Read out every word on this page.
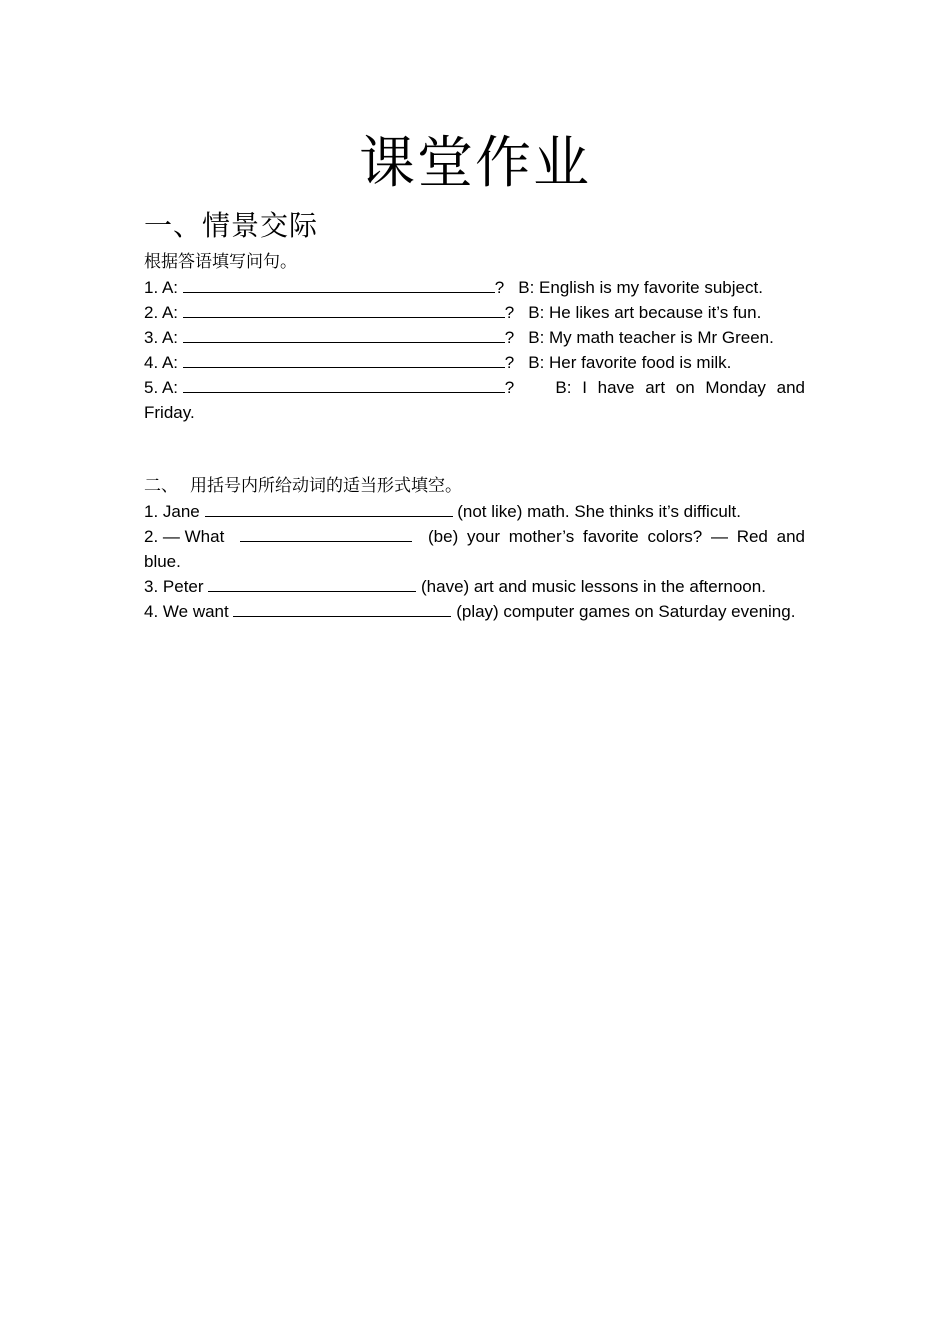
课堂作业
一、情景交际
根据答语填写问句。
1. A:	? B: English is my favorite subject.
2. A:	? B: He likes art because it’s fun.
3. A:	? B: My math teacher is Mr Green.
4. A:	? B: Her favorite food is milk.
5. A:	? B: I have art on Monday and
Friday.
二、 用括号内所给动词的适当形式填空。
1. Jane	(not like) math. She thinks it’s difficult.
2. — What	(be) your mother’s favorite colors? — Red and
blue.
3. Peter	(have) art and music lessons in the afternoon.
4. We want	(play) computer games on Saturday evening.
